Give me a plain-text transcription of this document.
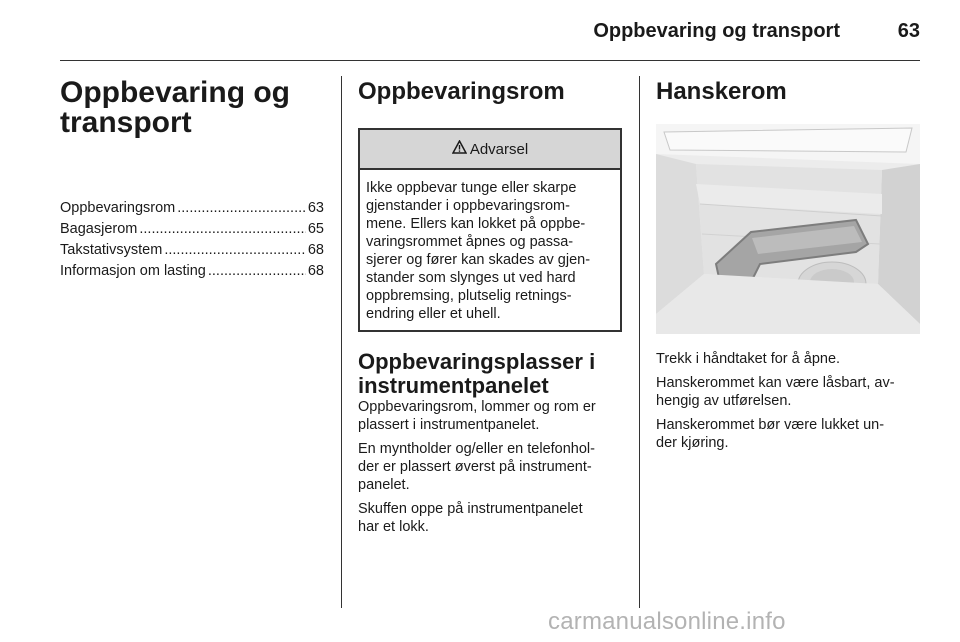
Oppbevaring og transport	63
Oppbevaring og
transport
Oppbevaringsrom .....	63
Bagasjerom .....	65
Takstativsystem .....	68
Informasjon om lasting .....	68
Oppbevaringsrom
Advarsel
Ikke oppbevar tunge eller skarpe
gjenstander i oppbevaringsrom-
mene. Ellers kan lokket på oppbe-
varingsrommet åpnes og passa-
sjerer og fører kan skades av gjen-
stander som slynges ut ved hard
oppbremsing, plutselig retnings-
endring eller et uhell.
Oppbevaringsplasser i
instrumentpanelet
Oppbevaringsrom, lommer og rom er
plassert i instrumentpanelet.
En myntholder og/eller en telefonhol-
der er plassert øverst på instrument-
panelet.
Skuffen oppe på instrumentpanelet
har et lokk.
Hanskerom
Trekk i håndtaket for å åpne.
Hanskerommet kan være låsbart, av-
hengig av utførelsen.
Hanskerommet bør være lukket un-
der kjøring.
carmanualsonline.info
